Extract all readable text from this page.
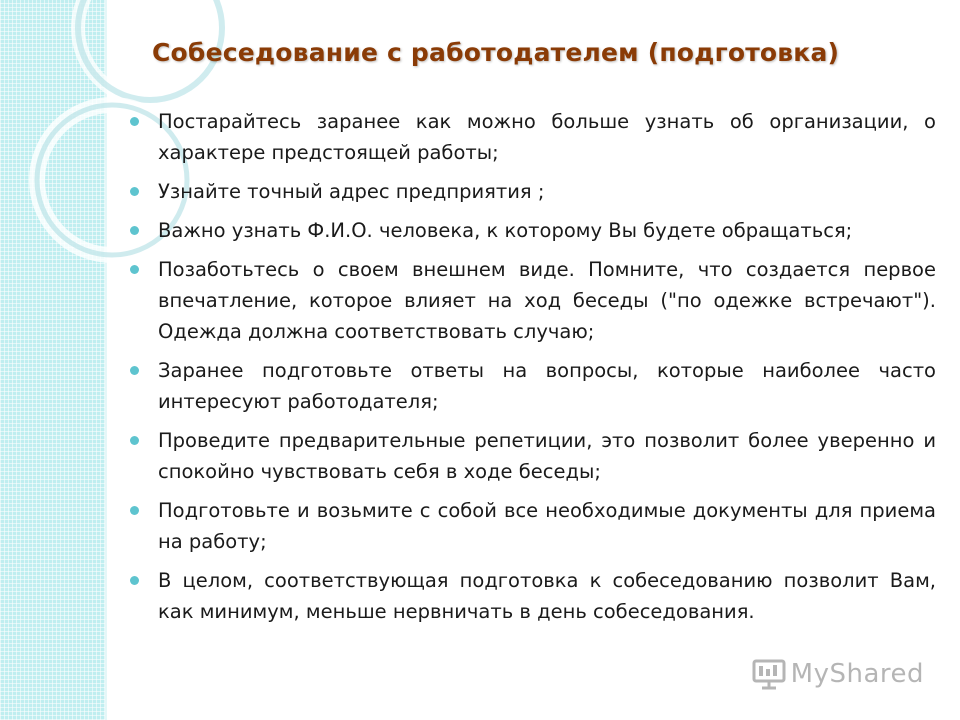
Собеседование с работодателем (подготовка)
Постарайтесь заранее как можно больше узнать об организации, о характере предстоящей работы;
Узнайте точный адрес предприятия ;
Важно узнать Ф.И.О. человека, к которому Вы будете обращаться;
Позаботьтесь о своем внешнем виде. Помните, что создается первое впечатление, которое влияет на ход беседы ("по одежке встречают"). Одежда должна соответствовать случаю;
Заранее подготовьте ответы на вопросы, которые наиболее часто интересуют работодателя;
Проведите предварительные репетиции, это позволит более уверенно и спокойно чувствовать себя в ходе беседы;
Подготовьте и возьмите с собой все необходимые документы для приема на работу;
В целом, соответствующая подготовка к собеседованию позволит Вам, как минимум, меньше нервничать в день собеседования.
MyShared
